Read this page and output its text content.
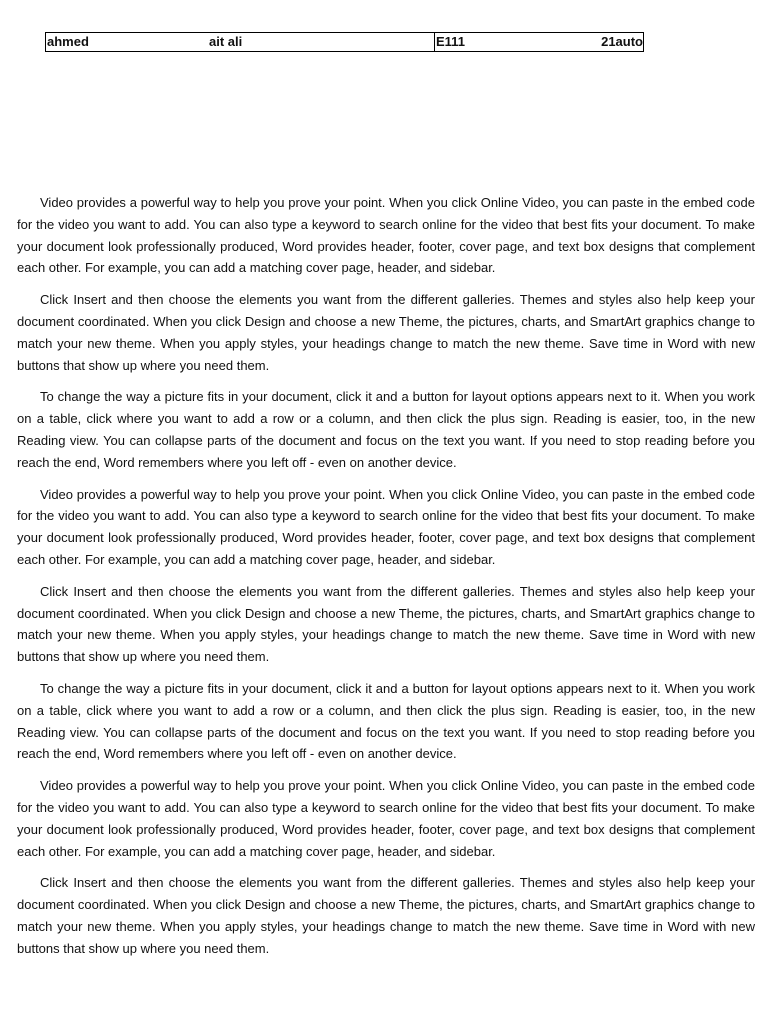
ahmed	ait ali	E111	21auto

Video provides a powerful way to help you prove your point. When you click Online Video, you can paste in the embed code for the video you want to add. You can also type a keyword to search online for the video that best fits your document. To make your document look professionally produced, Word provides header, footer, cover page, and text box designs that complement each other. For example, you can add a matching cover page, header, and sidebar.

Click Insert and then choose the elements you want from the different galleries. Themes and styles also help keep your document coordinated. When you click Design and choose a new Theme, the pictures, charts, and SmartArt graphics change to match your new theme. When you apply styles, your headings change to match the new theme. Save time in Word with new buttons that show up where you need them.

To change the way a picture fits in your document, click it and a button for layout options appears next to it. When you work on a table, click where you want to add a row or a column, and then click the plus sign. Reading is easier, too, in the new Reading view. You can collapse parts of the document and focus on the text you want. If you need to stop reading before you reach the end, Word remembers where you left off - even on another device.

Video provides a powerful way to help you prove your point. When you click Online Video, you can paste in the embed code for the video you want to add. You can also type a keyword to search online for the video that best fits your document. To make your document look professionally produced, Word provides header, footer, cover page, and text box designs that complement each other. For example, you can add a matching cover page, header, and sidebar.

Click Insert and then choose the elements you want from the different galleries. Themes and styles also help keep your document coordinated. When you click Design and choose a new Theme, the pictures, charts, and SmartArt graphics change to match your new theme. When you apply styles, your headings change to match the new theme. Save time in Word with new buttons that show up where you need them.

To change the way a picture fits in your document, click it and a button for layout options appears next to it. When you work on a table, click where you want to add a row or a column, and then click the plus sign. Reading is easier, too, in the new Reading view. You can collapse parts of the document and focus on the text you want. If you need to stop reading before you reach the end, Word remembers where you left off - even on another device.

Video provides a powerful way to help you prove your point. When you click Online Video, you can paste in the embed code for the video you want to add. You can also type a keyword to search online for the video that best fits your document. To make your document look professionally produced, Word provides header, footer, cover page, and text box designs that complement each other. For example, you can add a matching cover page, header, and sidebar.

Click Insert and then choose the elements you want from the different galleries. Themes and styles also help keep your document coordinated. When you click Design and choose a new Theme, the pictures, charts, and SmartArt graphics change to match your new theme. When you apply styles, your headings change to match the new theme. Save time in Word with new buttons that show up where you need them.
